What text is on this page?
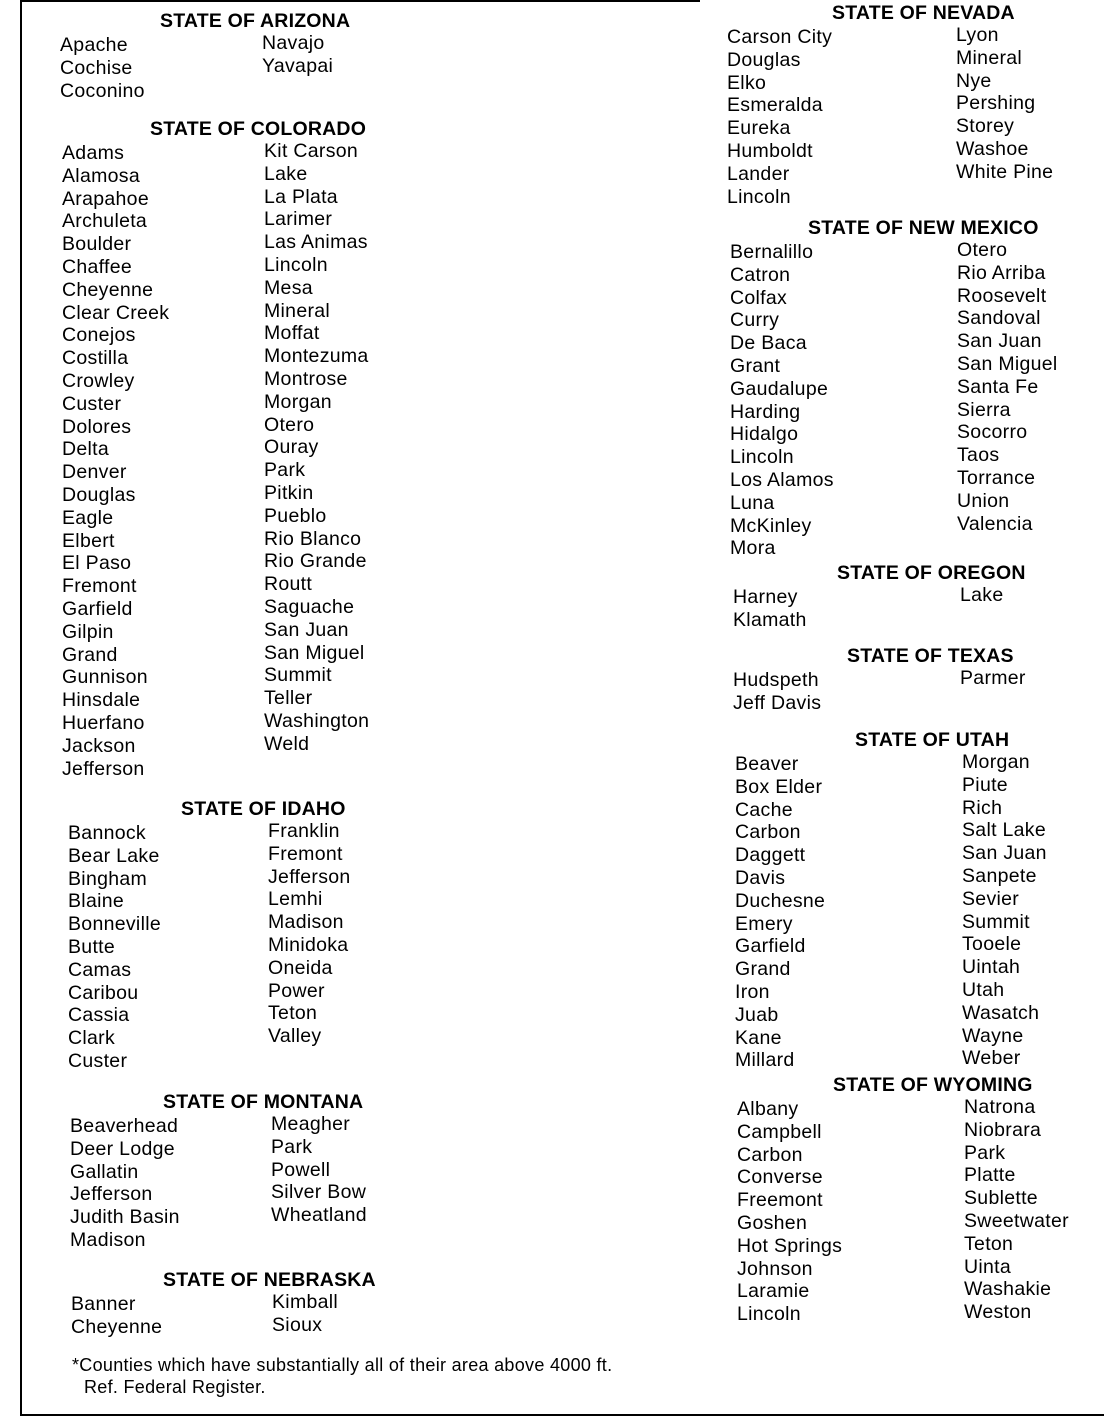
STATE OF ARIZONA
Apache
Cochise
Coconino
Navajo
Yavapai
STATE OF COLORADO
Adams
Alamosa
Arapahoe
Archuleta
Boulder
Chaffee
Cheyenne
Clear Creek
Conejos
Costilla
Crowley
Custer
Dolores
Delta
Denver
Douglas
Eagle
Elbert
El Paso
Fremont
Garfield
Gilpin
Grand
Gunnison
Hinsdale
Huerfano
Jackson
Jefferson
Kit Carson
Lake
La Plata
Larimer
Las Animas
Lincoln
Mesa
Mineral
Moffat
Montezuma
Montrose
Morgan
Otero
Ouray
Park
Pitkin
Pueblo
Rio Blanco
Rio Grande
Routt
Saguache
San Juan
San Miguel
Summit
Teller
Washington
Weld
STATE OF IDAHO
Bannock
Bear Lake
Bingham
Blaine
Bonneville
Butte
Camas
Caribou
Cassia
Clark
Custer
Franklin
Fremont
Jefferson
Lemhi
Madison
Minidoka
Oneida
Power
Teton
Valley
STATE OF MONTANA
Beaverhead
Deer Lodge
Gallatin
Jefferson
Judith Basin
Madison
Meagher
Park
Powell
Silver Bow
Wheatland
STATE OF NEBRASKA
Banner
Cheyenne
Kimball
Sioux
STATE OF NEVADA
Carson City
Douglas
Elko
Esmeralda
Eureka
Humboldt
Lander
Lincoln
Lyon
Mineral
Nye
Pershing
Storey
Washoe
White Pine
STATE OF NEW MEXICO
Bernalillo
Catron
Colfax
Curry
De Baca
Grant
Gaudalupe
Harding
Hidalgo
Lincoln
Los Alamos
Luna
McKinley
Mora
Otero
Rio Arriba
Roosevelt
Sandoval
San Juan
San Miguel
Santa Fe
Sierra
Socorro
Taos
Torrance
Union
Valencia
STATE OF OREGON
Harney
Klamath
Lake
STATE OF TEXAS
Hudspeth
Jeff Davis
Parmer
STATE OF UTAH
Beaver
Box Elder
Cache
Carbon
Daggett
Davis
Duchesne
Emery
Garfield
Grand
Iron
Juab
Kane
Millard
Morgan
Piute
Rich
Salt Lake
San Juan
Sanpete
Sevier
Summit
Tooele
Uintah
Utah
Wasatch
Wayne
Weber
STATE OF WYOMING
Albany
Campbell
Carbon
Converse
Freemont
Goshen
Hot Springs
Johnson
Laramie
Lincoln
Natrona
Niobrara
Park
Platte
Sublette
Sweetwater
Teton
Uinta
Washakie
Weston
*Counties which have substantially all of their area above 4000 ft.
Ref. Federal Register.
